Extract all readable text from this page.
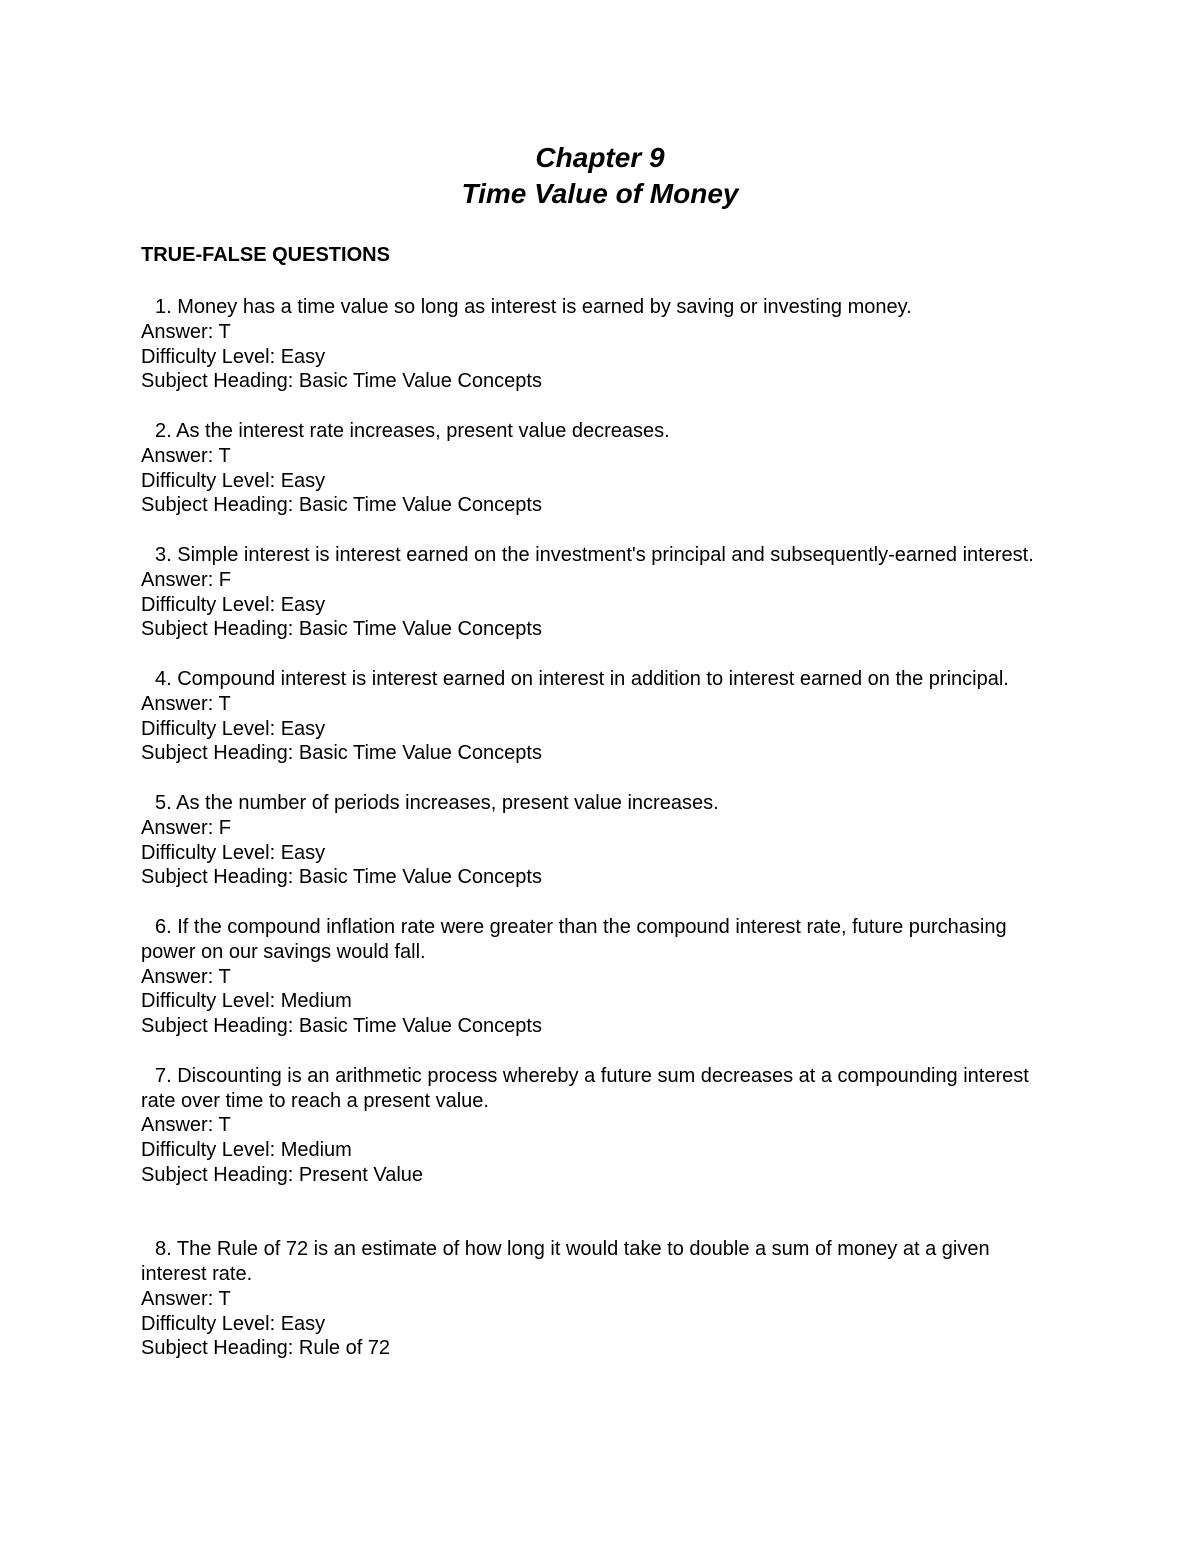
Chapter 9
Time Value of Money
TRUE-FALSE QUESTIONS
1. Money has a time value so long as interest is earned by saving or investing money.
Answer: T
Difficulty Level: Easy
Subject Heading: Basic Time Value Concepts
2. As the interest rate increases, present value decreases.
Answer: T
Difficulty Level: Easy
Subject Heading: Basic Time Value Concepts
3. Simple interest is interest earned on the investment's principal and subsequently-earned interest.
Answer: F
Difficulty Level: Easy
Subject Heading: Basic Time Value Concepts
4. Compound interest is interest earned on interest in addition to interest earned on the principal.
Answer: T
Difficulty Level: Easy
Subject Heading: Basic Time Value Concepts
5. As the number of periods increases, present value increases.
Answer: F
Difficulty Level: Easy
Subject Heading: Basic Time Value Concepts
6. If the compound inflation rate were greater than the compound interest rate, future purchasing power on our savings would fall.
Answer: T
Difficulty Level: Medium
Subject Heading: Basic Time Value Concepts
7. Discounting is an arithmetic process whereby a future sum decreases at a compounding interest rate over time to reach a present value.
Answer: T
Difficulty Level: Medium
Subject Heading: Present Value
8. The Rule of 72 is an estimate of how long it would take to double a sum of money at a given interest rate.
Answer: T
Difficulty Level: Easy
Subject Heading: Rule of 72
